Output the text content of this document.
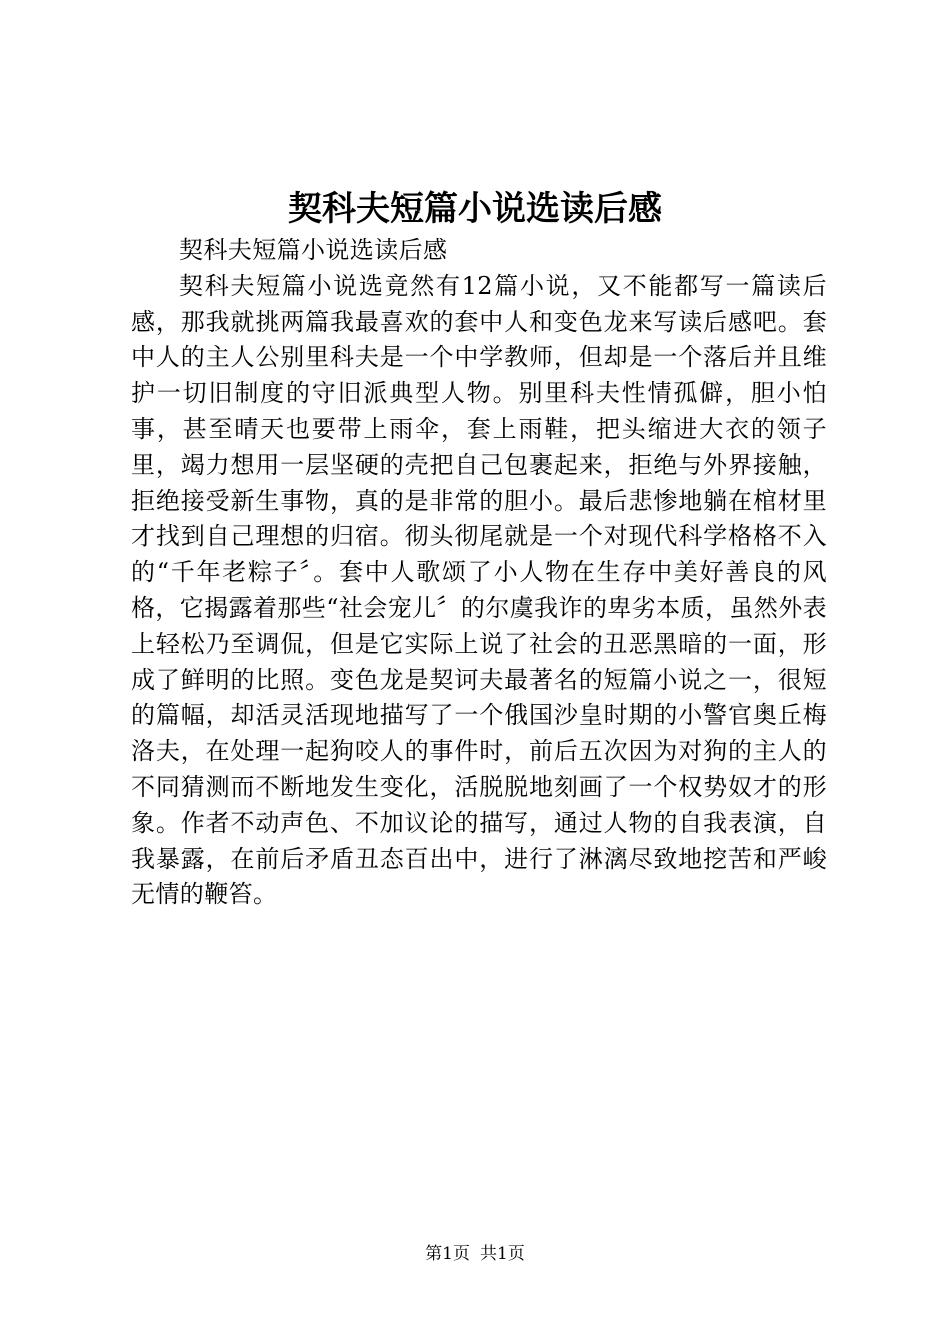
契科夫短篇小说选读后感

契科夫短篇小说选读后感

契科夫短篇小说选竟然有12篇小说，又不能都写一篇读后感，那我就挑两篇我最喜欢的套中人和变色龙来写读后感吧。套中人的主人公别里科夫是一个中学教师，但却是一个落后并且维护一切旧制度的守旧派典型人物。别里科夫性情孤僻，胆小怕事，甚至晴天也要带上雨伞，套上雨鞋，把头缩进大衣的领子里，竭力想用一层坚硬的壳把自己包裹起来，拒绝与外界接触，拒绝接受新生事物，真的是非常的胆小。最后悲惨地躺在棺材里才找到自己理想的归宿。彻头彻尾就是一个对现代科学格格不入的“千年老粽子〞。套中人歌颂了小人物在生存中美好善良的风格，它揭露着那些“社会宠儿〞的尔虞我诈的卑劣本质，虽然外表上轻松乃至调侃，但是它实际上说了社会的丑恶黑暗的一面，形成了鲜明的比照。变色龙是契诃夫最著名的短篇小说之一，很短的篇幅，却活灵活现地描写了一个俄国沙皇时期的小警官奥丘梅洛夫，在处理一起狗咬人的事件时，前后五次因为对狗的主人的不同猜测而不断地发生变化，活脱脱地刻画了一个权势奴才的形象。作者不动声色、不加议论的描写，通过人物的自我表演，自我暴露，在前后矛盾丑态百出中，进行了淋漓尽致地挖苦和严峻无情的鞭笞。

第1页 共1页
